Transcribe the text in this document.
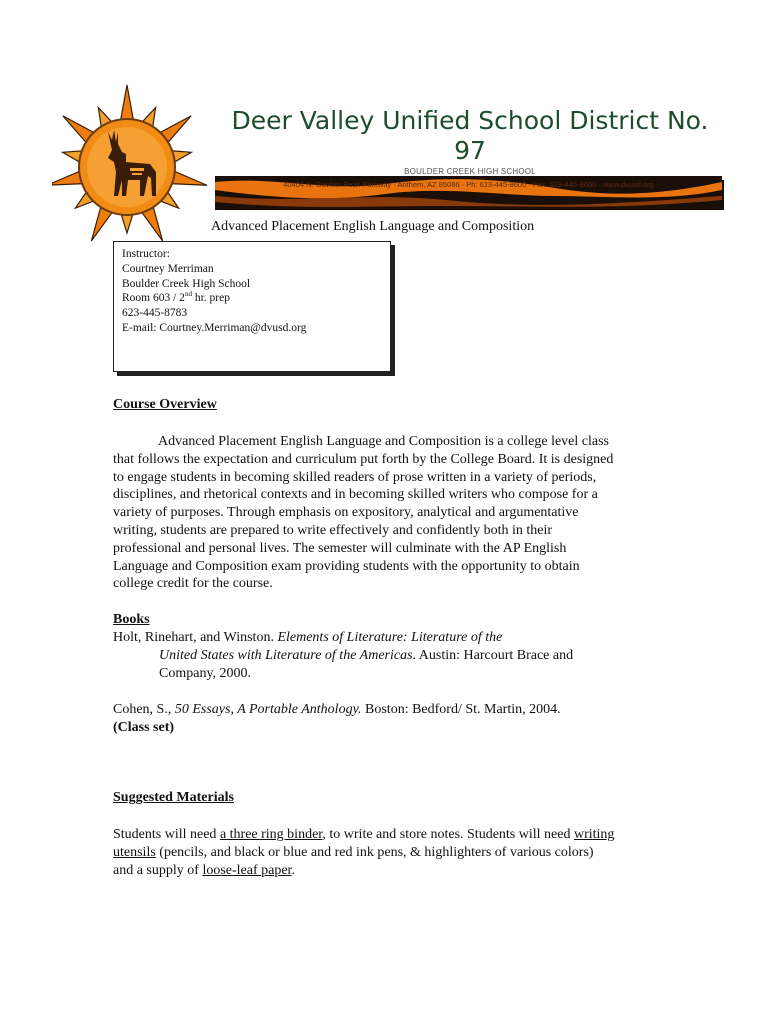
Deer Valley Unified School District No.
97
BOULDER CREEK HIGH SCHOOL
40404 N. Gavilan Peak Parkway · Anthem, AZ 85086 · Ph: 623-445-8600 · Fax: 623-445-8660 · www.dvusd.org
Advanced Placement English Language and Composition
Instructor:
Courtney Merriman
Boulder Creek High School
Room 603 / 2nd hr. prep
623-445-8783
E-mail: Courtney.Merriman@dvusd.org
Course Overview
Advanced Placement English Language and Composition is a college level class
that follows the expectation and curriculum put forth by the College Board. It is designed
to engage students in becoming skilled readers of prose written in a variety of periods,
disciplines, and rhetorical contexts and in becoming skilled writers who compose for a
variety of purposes. Through emphasis on expository, analytical and argumentative
writing, students are prepared to write effectively and confidently both in their
professional and personal lives. The semester will culminate with the AP English
Language and Composition exam providing students with the opportunity to obtain
college credit for the course.
Books
Holt, Rinehart, and Winston. Elements of Literature: Literature of the
United States with Literature of the Americas. Austin: Harcourt Brace and
Company, 2000.
Cohen, S., 50 Essays, A Portable Anthology. Boston: Bedford/ St. Martin, 2004.
(Class set)
Suggested Materials
Students will need a three ring binder, to write and store notes. Students will need writing
utensils (pencils, and black or blue and red ink pens, & highlighters of various colors)
and a supply of loose-leaf paper.
